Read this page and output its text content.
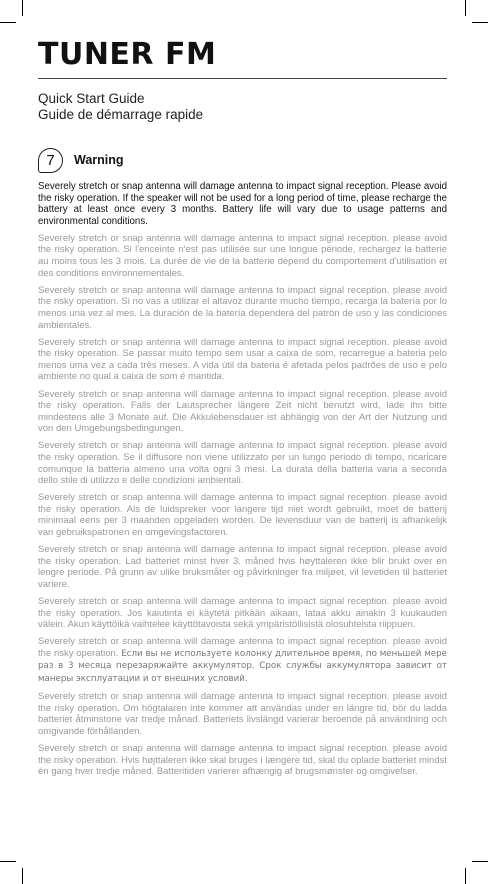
TUNER FM
Quick Start Guide
Guide de démarrage rapide
7 Warning

Severely stretch or snap antenna will damage antenna to impact signal reception. Please avoid the risky operation. If the speaker will not be used for a long period of time, please recharge the battery at least once every 3 months. Battery life will vary due to usage patterns and environmental conditions.

Severely stretch or snap antenna will damage antenna to impact signal reception. please avoid the risky operation. Si l'enceinte n'est pas utilisée sur une longue période, rechargez la batterie au moins tous les 3 mois. La durée de vie de la batterie dépend du comportement d'utilisation et des conditions environnementales.

Severely stretch or snap antenna will damage antenna to impact signal reception. please avoid the risky operation. Si no vas a utilizar el altavoz durante mucho tiempo, recarga la batería por lo menos una vez al mes. La duración de la batería dependerá del patrón de uso y las condiciones ambientales.

Severely stretch or snap antenna will damage antenna to impact signal reception. please avoid the risky operation. Se passar muito tempo sem usar a caixa de som, recarregue a bateria pelo menos uma vez a cada três meses. A vida útil da bateria é afetada pelos padrões de uso e pelo ambiente no qual a caixa de som é mantida.

Severely stretch or snap antenna will damage antenna to impact signal reception. please avoid the risky operation. Falls der Lautsprecher längere Zeit nicht benutzt wird, lade ihn bitte mindestens alle 3 Monate auf. Die Akkulebensdauer ist abhängig von der Art der Nutzung und von den Umgebungsbedingungen.

Severely stretch or snap antenna will damage antenna to impact signal reception. please avoid the risky operation. Se il diffusore non viene utilizzato per un lungo periodo di tempo, ricaricare comunque la batteria almeno una volta ogni 3 mesi. La durata della batteria varia a seconda dello stile di utilizzo e delle condizioni ambientali.

Severely stretch or snap antenna will damage antenna to impact signal reception. please avoid the risky operation. Als de luidspreker voor langere tijd niet wordt gebruikt, moet de batterij minimaal eens per 3 maanden opgeladen worden. De levensduur van de batterij is afhankelijk van gebruikspatronen en omgevingsfactoren.

Severely stretch or snap antenna will damage antenna to impact signal reception. please avoid the risky operation. Lad batteriet minst hver 3. måned hvis høyttaleren ikke blir brukt over en lengre periode. På grunn av ulike bruksmåter og påvirkninger fra miljøet, vil levetiden til batteriet variere.

Severely stretch or snap antenna will damage antenna to impact signal reception. please avoid the risky operation. Jos kaiutinta ei käytetä pitkään aikaan, lataa akku ainakin 3 kuukauden välein. Akun käyttöikä vaihtelee käyttötavoista sekä ympäristöllisistä olosuhteista riippuen.

Severely stretch or snap antenna will damage antenna to impact signal reception. please avoid the risky operation. Если вы не используете колонку длительное время, по меньшей мере раз в 3 месяца перезаряжайте аккумулятор. Срок службы аккумулятора зависит от манеры эксплуатации и от внешних условий.

Severely stretch or snap antenna will damage antenna to impact signal reception. please avoid the risky operation. Om högtalaren inte kommer att användas under en längre tid, bör du ladda batteriet åtminstone var tredje månad. Batteriets livslängd varierar beroende på användning och omgivande förhållanden.

Severely stretch or snap antenna will damage antenna to impact signal reception. please avoid the risky operation. Hvis højttaleren ikke skal bruges i længere tid, skal du oplade batteriet mindst én gang hver tredje måned. Batteritiden varierer afhængig af brugsmønster og omgivelser.
